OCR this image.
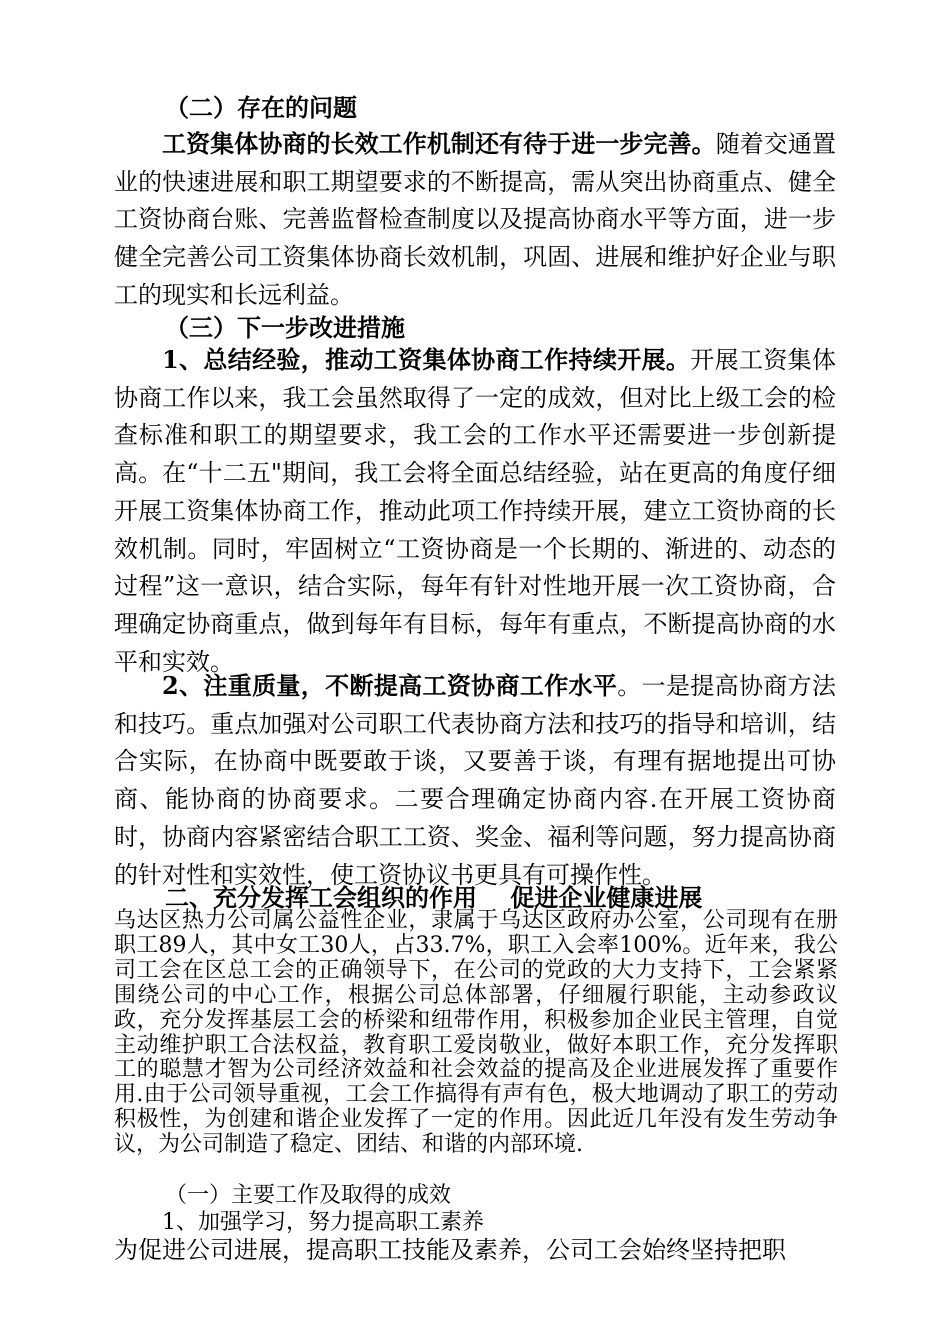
（二）存在的问题

工资集体协商的长效工作机制还有待于进一步完善。随着交通置业的快速进展和职工期望要求的不断提高，需从突出协商重点、健全工资协商台账、完善监督检查制度以及提高协商水平等方面，进一步健全完善公司工资集体协商长效机制，巩固、进展和维护好企业与职工的现实和长远利益。

（三）下一步改进措施

1、总结经验，推动工资集体协商工作持续开展。开展工资集体协商工作以来，我工会虽然取得了一定的成效，但对比上级工会的检查标准和职工的期望要求，我工会的工作水平还需要进一步创新提高。在“十二五"期间，我工会将全面总结经验，站在更高的角度仔细开展工资集体协商工作，推动此项工作持续开展，建立工资协商的长效机制。同时，牢固树立“工资协商是一个长期的、渐进的、动态的过程”这一意识，结合实际，每年有针对性地开展一次工资协商，合理确定协商重点，做到每年有目标，每年有重点，不断提高协商的水平和实效。

2、注重质量，不断提高工资协商工作水平。一是提高协商方法和技巧。重点加强对公司职工代表协商方法和技巧的指导和培训，结合实际，在协商中既要敢于谈，又要善于谈，有理有据地提出可协商、能协商的协商要求。二要合理确定协商内容.在开展工资协商时，协商内容紧密结合职工工资、奖金、福利等问题，努力提高协商的针对性和实效性，使工资协议书更具有可操作性。

二、充分发挥工会组织的作用    促进企业健康进展

乌达区热力公司属公益性企业，隶属于乌达区政府办公室，公司现有在册职工89人，其中女工30人，占33.7%，职工入会率100%。近年来，我公司工会在区总工会的正确领导下，在公司的党政的大力支持下，工会紧紧围绕公司的中心工作，根据公司总体部署，仔细履行职能，主动参政议政，充分发挥基层工会的桥梁和纽带作用，积极参加企业民主管理，自觉主动维护职工合法权益，教育职工爱岗敬业，做好本职工作，充分发挥职工的聪慧才智为公司经济效益和社会效益的提高及企业进展发挥了重要作用.由于公司领导重视，工会工作搞得有声有色，极大地调动了职工的劳动积极性，为创建和谐企业发挥了一定的作用。因此近几年没有发生劳动争议，为公司制造了稳定、团结、和谐的内部环境.

（一）主要工作及取得的成效
1、加强学习，努力提高职工素养
为促进公司进展，提高职工技能及素养，公司工会始终坚持把职
